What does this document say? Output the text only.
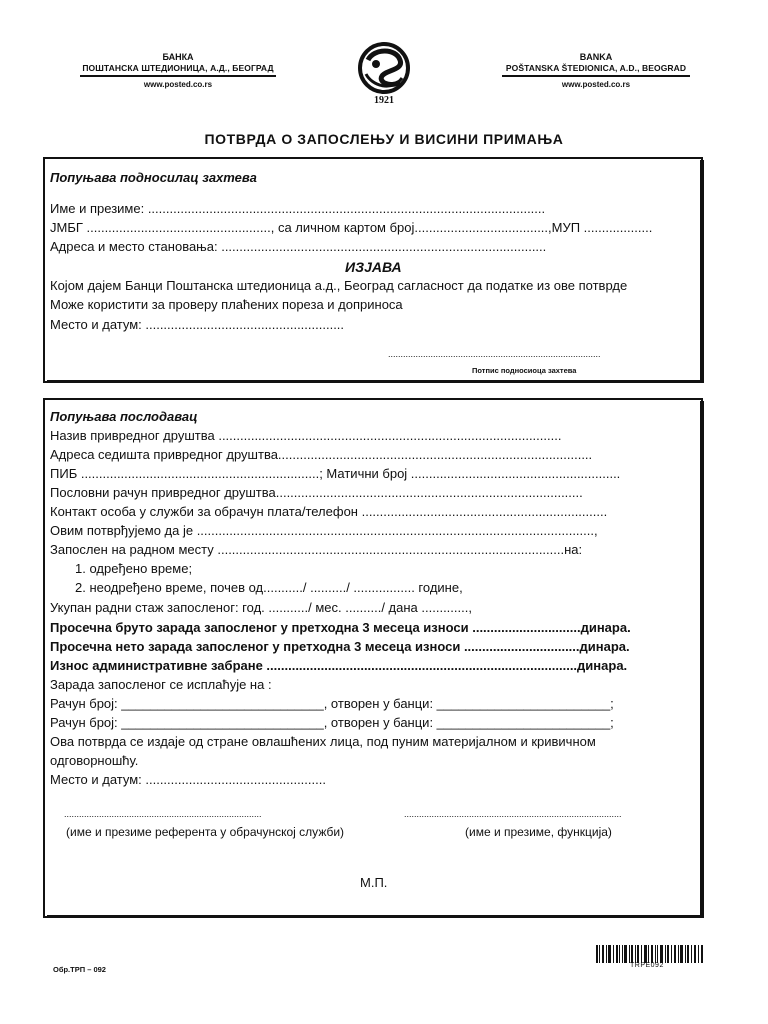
БАНКА
ПОШТАНСКА ШТЕДИОНИЦА, А.Д., БЕОГРАД
www.posted.co.rs
1921
BANKA
POŠTANSKA ŠTEDIONICA, A.D., BEOGRAD
www.posted.co.rs
ПОТВРДА О ЗАПОСЛЕЊУ И ВИСИНИ ПРИМАЊА
Попуњава подносилац захтева
Име и презиме: ..............................................................................................................
ЈМБГ ..................................................., са личном картом број.....................................,МУП ...................
Адреса и место становања: ..........................................................................................
ИЗЈАВА
Којом дајем Банци Поштанска штедионица а.д., Београд сагласност да податке из ове потврде
Може користити за проверу плаћених пореза и доприноса
Место и датум: .......................................................
.....................................................................................
Потпис подносиоца захтева
Попуњава послодавац
Назив привредног друштва ...............................................................................................
Адреса седишта привредног друштва.......................................................................................
ПИБ ..................................................................; Матични број ..........................................................
Пословни рачун привредног друштва.....................................................................................
Контакт особа у служби за обрачун плата/телефон ....................................................................
Овим потврђујемо да је ..............................................................................................................,
Запослен на радном месту ................................................................................................на:
1. одређено време;
2. неодређено време, почев од.........../ ........../ ................. године,
Укупан радни стаж запосленог: год. .........../ мес. ........../ дана .............,
Просечна бруто зарада запосленог у претходна 3 месеца износи ..............................динара.
Просечна нето зарада запосленог у претходна 3 месеца износи ................................динара.
Износ административне забране ......................................................................................динара.
Зарада запосленог се исплаћује на :
Рачун број: ____________________________, отворен у банци: ________________________;
Рачун број: ____________________________, отворен у банци: ________________________;
Ова потврда се издаје од стране овлашћених лица, под пуним материјалном и кривичном
одговорношћу.
Место и датум: ..................................................
...............................................................................
(име и презиме референта у обрачунској служби)
.......................................................................................
(име и презиме, функција)
М.П.
Обр.ТРП – 092	TRPE092
